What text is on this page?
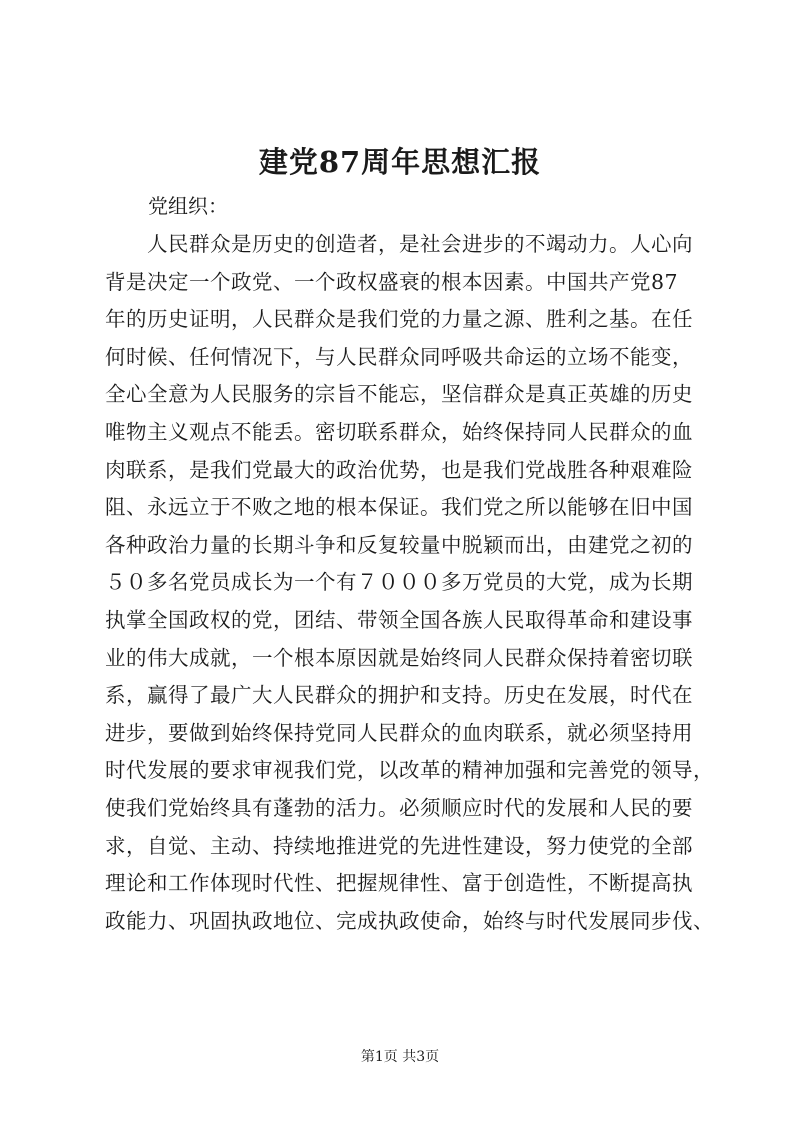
建党87周年思想汇报
党组织：
人民群众是历史的创造者，是社会进步的不竭动力。人心向
背是决定一个政党、一个政权盛衰的根本因素。中国共产党87
年的历史证明，人民群众是我们党的力量之源、胜利之基。在任
何时候、任何情况下，与人民群众同呼吸共命运的立场不能变，
全心全意为人民服务的宗旨不能忘，坚信群众是真正英雄的历史
唯物主义观点不能丢。密切联系群众，始终保持同人民群众的血
肉联系，是我们党最大的政治优势，也是我们党战胜各种艰难险
阻、永远立于不败之地的根本保证。我们党之所以能够在旧中国
各种政治力量的长期斗争和反复较量中脱颖而出，由建党之初的
５０多名党员成长为一个有７０００多万党员的大党，成为长期
执掌全国政权的党，团结、带领全国各族人民取得革命和建设事
业的伟大成就，一个根本原因就是始终同人民群众保持着密切联
系，赢得了最广大人民群众的拥护和支持。历史在发展，时代在
进步，要做到始终保持党同人民群众的血肉联系，就必须坚持用
时代发展的要求审视我们党，以改革的精神加强和完善党的领导，
使我们党始终具有蓬勃的活力。必须顺应时代的发展和人民的要
求，自觉、主动、持续地推进党的先进性建设，努力使党的全部
理论和工作体现时代性、把握规律性、富于创造性，不断提高执
政能力、巩固执政地位、完成执政使命，始终与时代发展同步伐、
第1页 共3页
